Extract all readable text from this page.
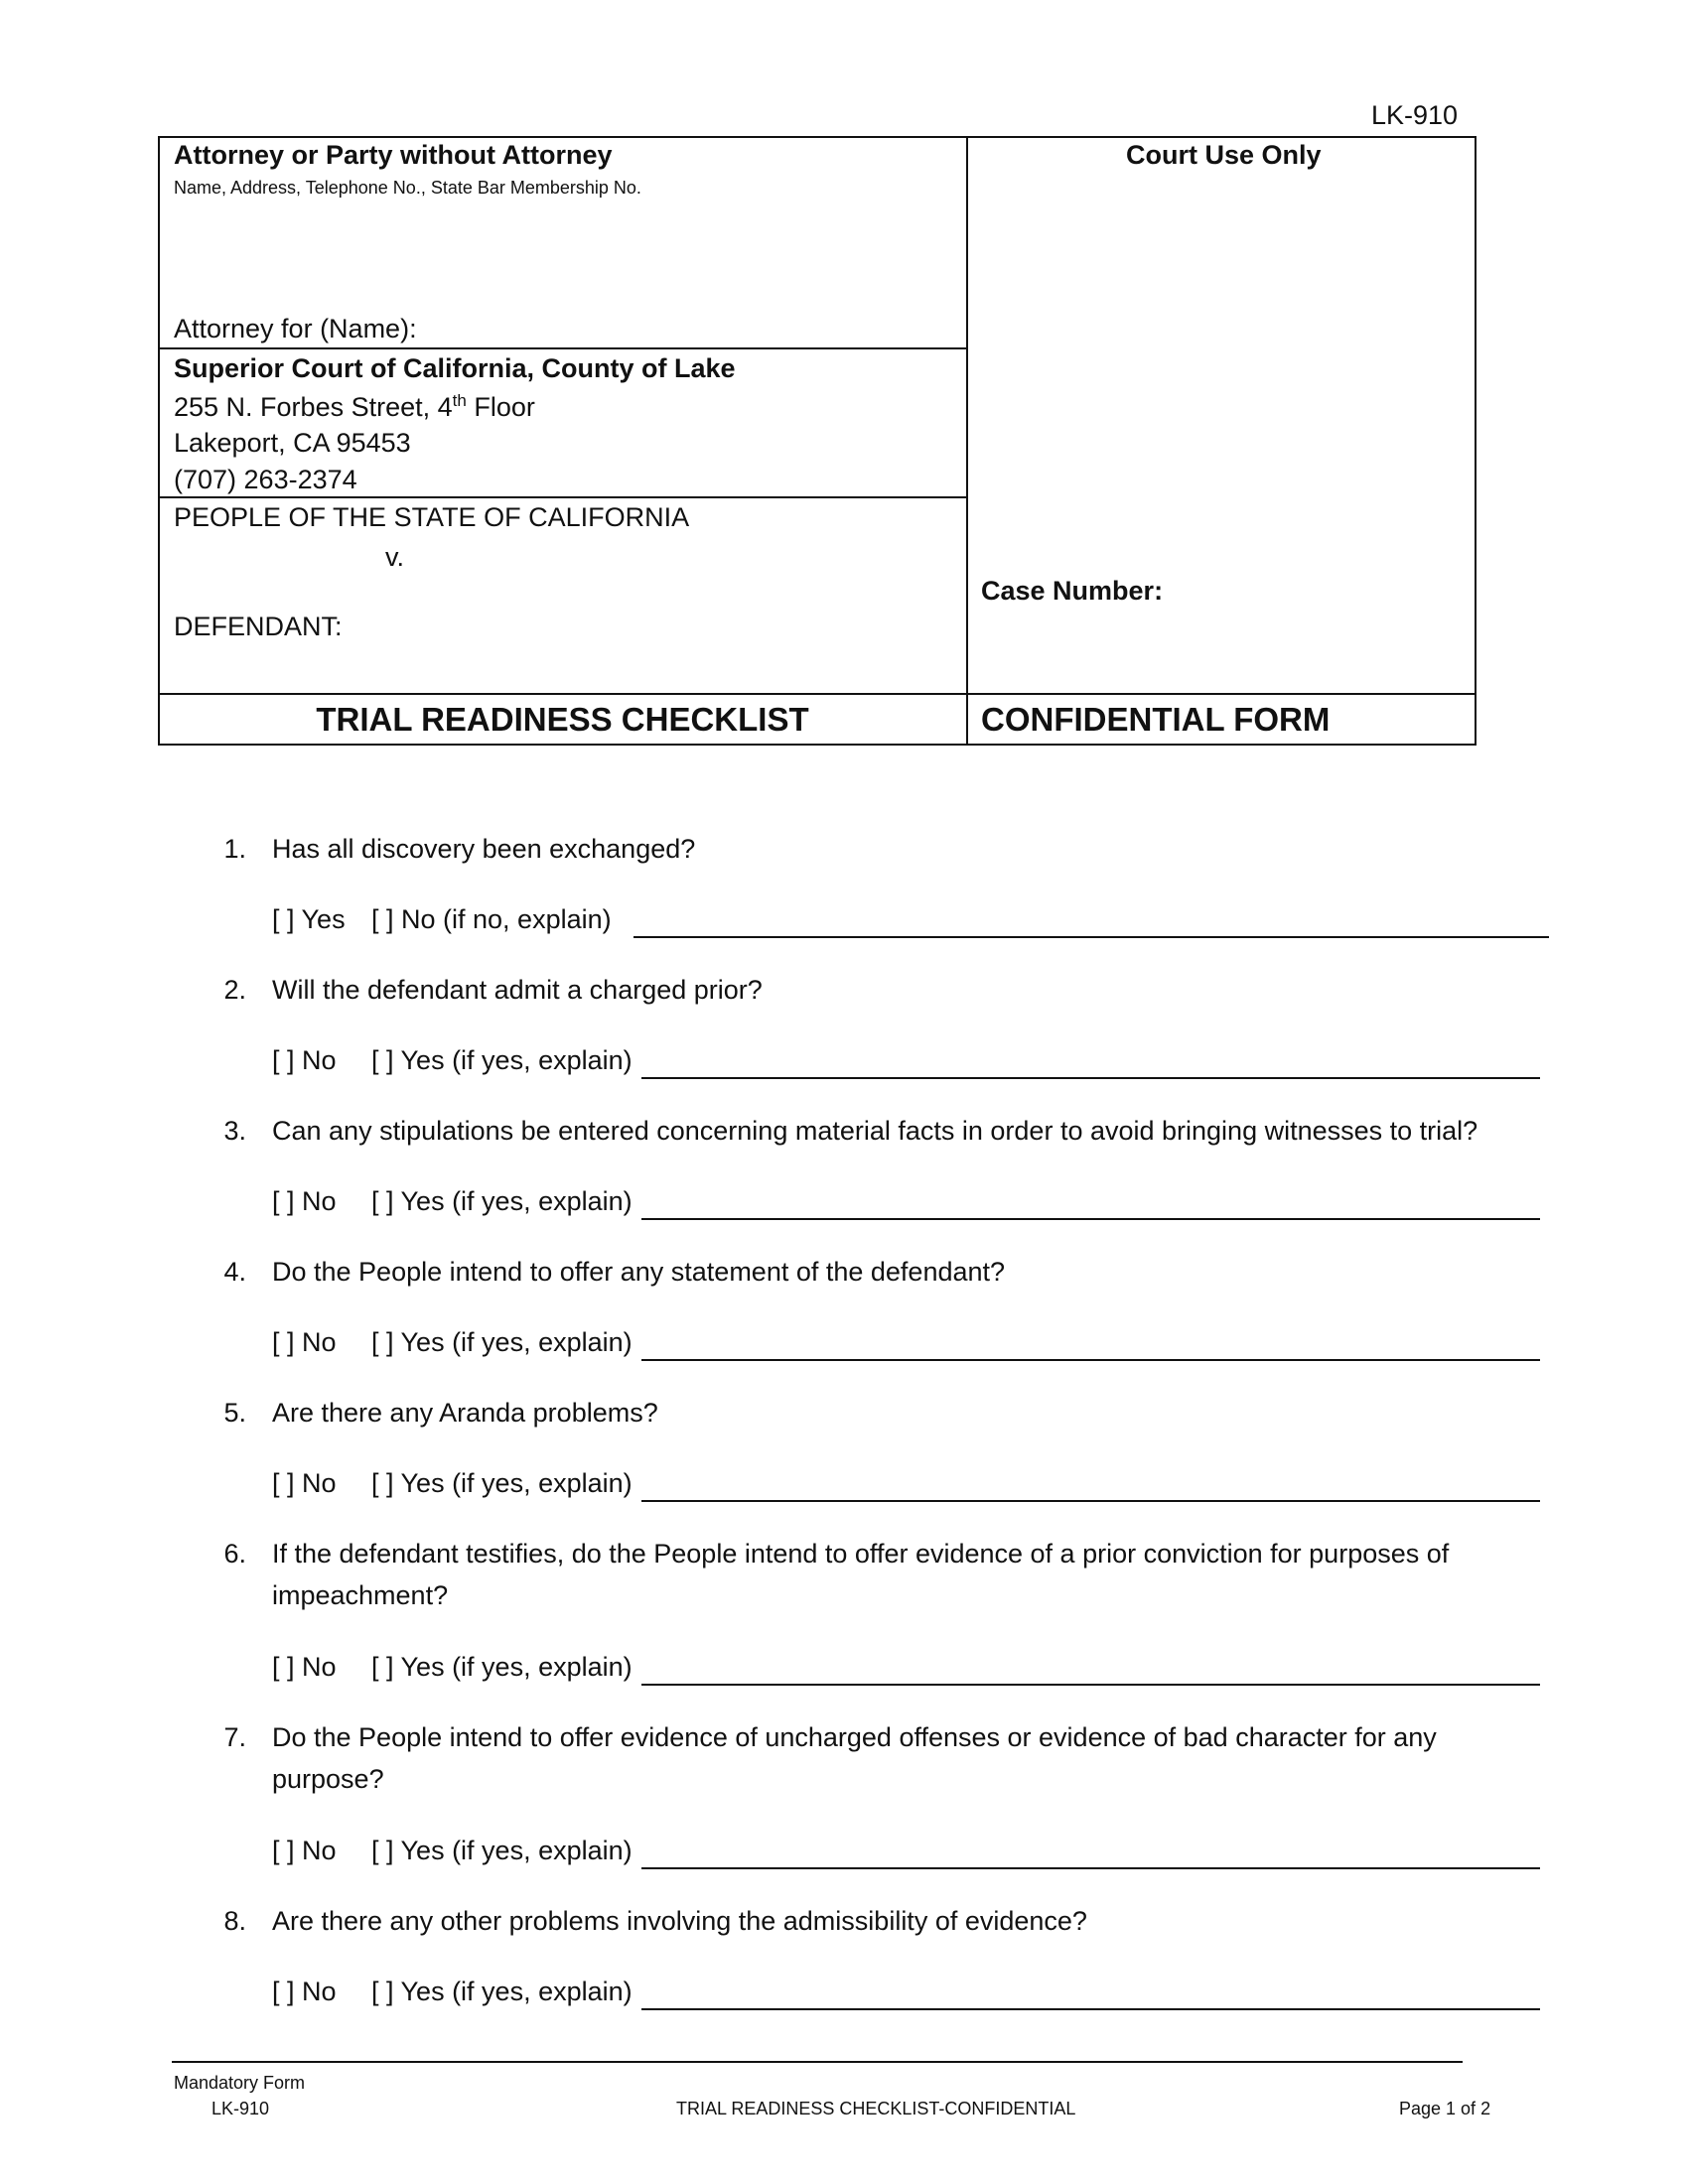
LK-910
Attorney or Party without Attorney
Name, Address, Telephone No., State Bar Membership No.
Attorney for (Name):
Superior Court of California, County of Lake
255 N. Forbes Street, 4th Floor
Lakeport, CA 95453
(707) 263-2374
PEOPLE OF THE STATE OF CALIFORNIA
v.
DEFENDANT:
Court Use Only
Case Number:
TRIAL READINESS CHECKLIST	CONFIDENTIAL FORM
1. Has all discovery been exchanged?
[ ] Yes [ ] No (if no, explain)
2. Will the defendant admit a charged prior?
[ ] No [ ] Yes (if yes, explain)
3. Can any stipulations be entered concerning material facts in order to avoid bringing witnesses to trial?
[ ] No [ ] Yes (if yes, explain)
4. Do the People intend to offer any statement of the defendant?
[ ] No [ ] Yes (if yes, explain)
5. Are there any Aranda problems?
[ ] No [ ] Yes (if yes, explain)
6. If the defendant testifies, do the People intend to offer evidence of a prior conviction for purposes of impeachment?
[ ] No [ ] Yes (if yes, explain)
7. Do the People intend to offer evidence of uncharged offenses or evidence of bad character for any purpose?
[ ] No [ ] Yes (if yes, explain)
8. Are there any other problems involving the admissibility of evidence?
[ ] No [ ] Yes (if yes, explain)
Mandatory Form
LK-910	TRIAL READINESS CHECKLIST-CONFIDENTIAL	Page 1 of 2
